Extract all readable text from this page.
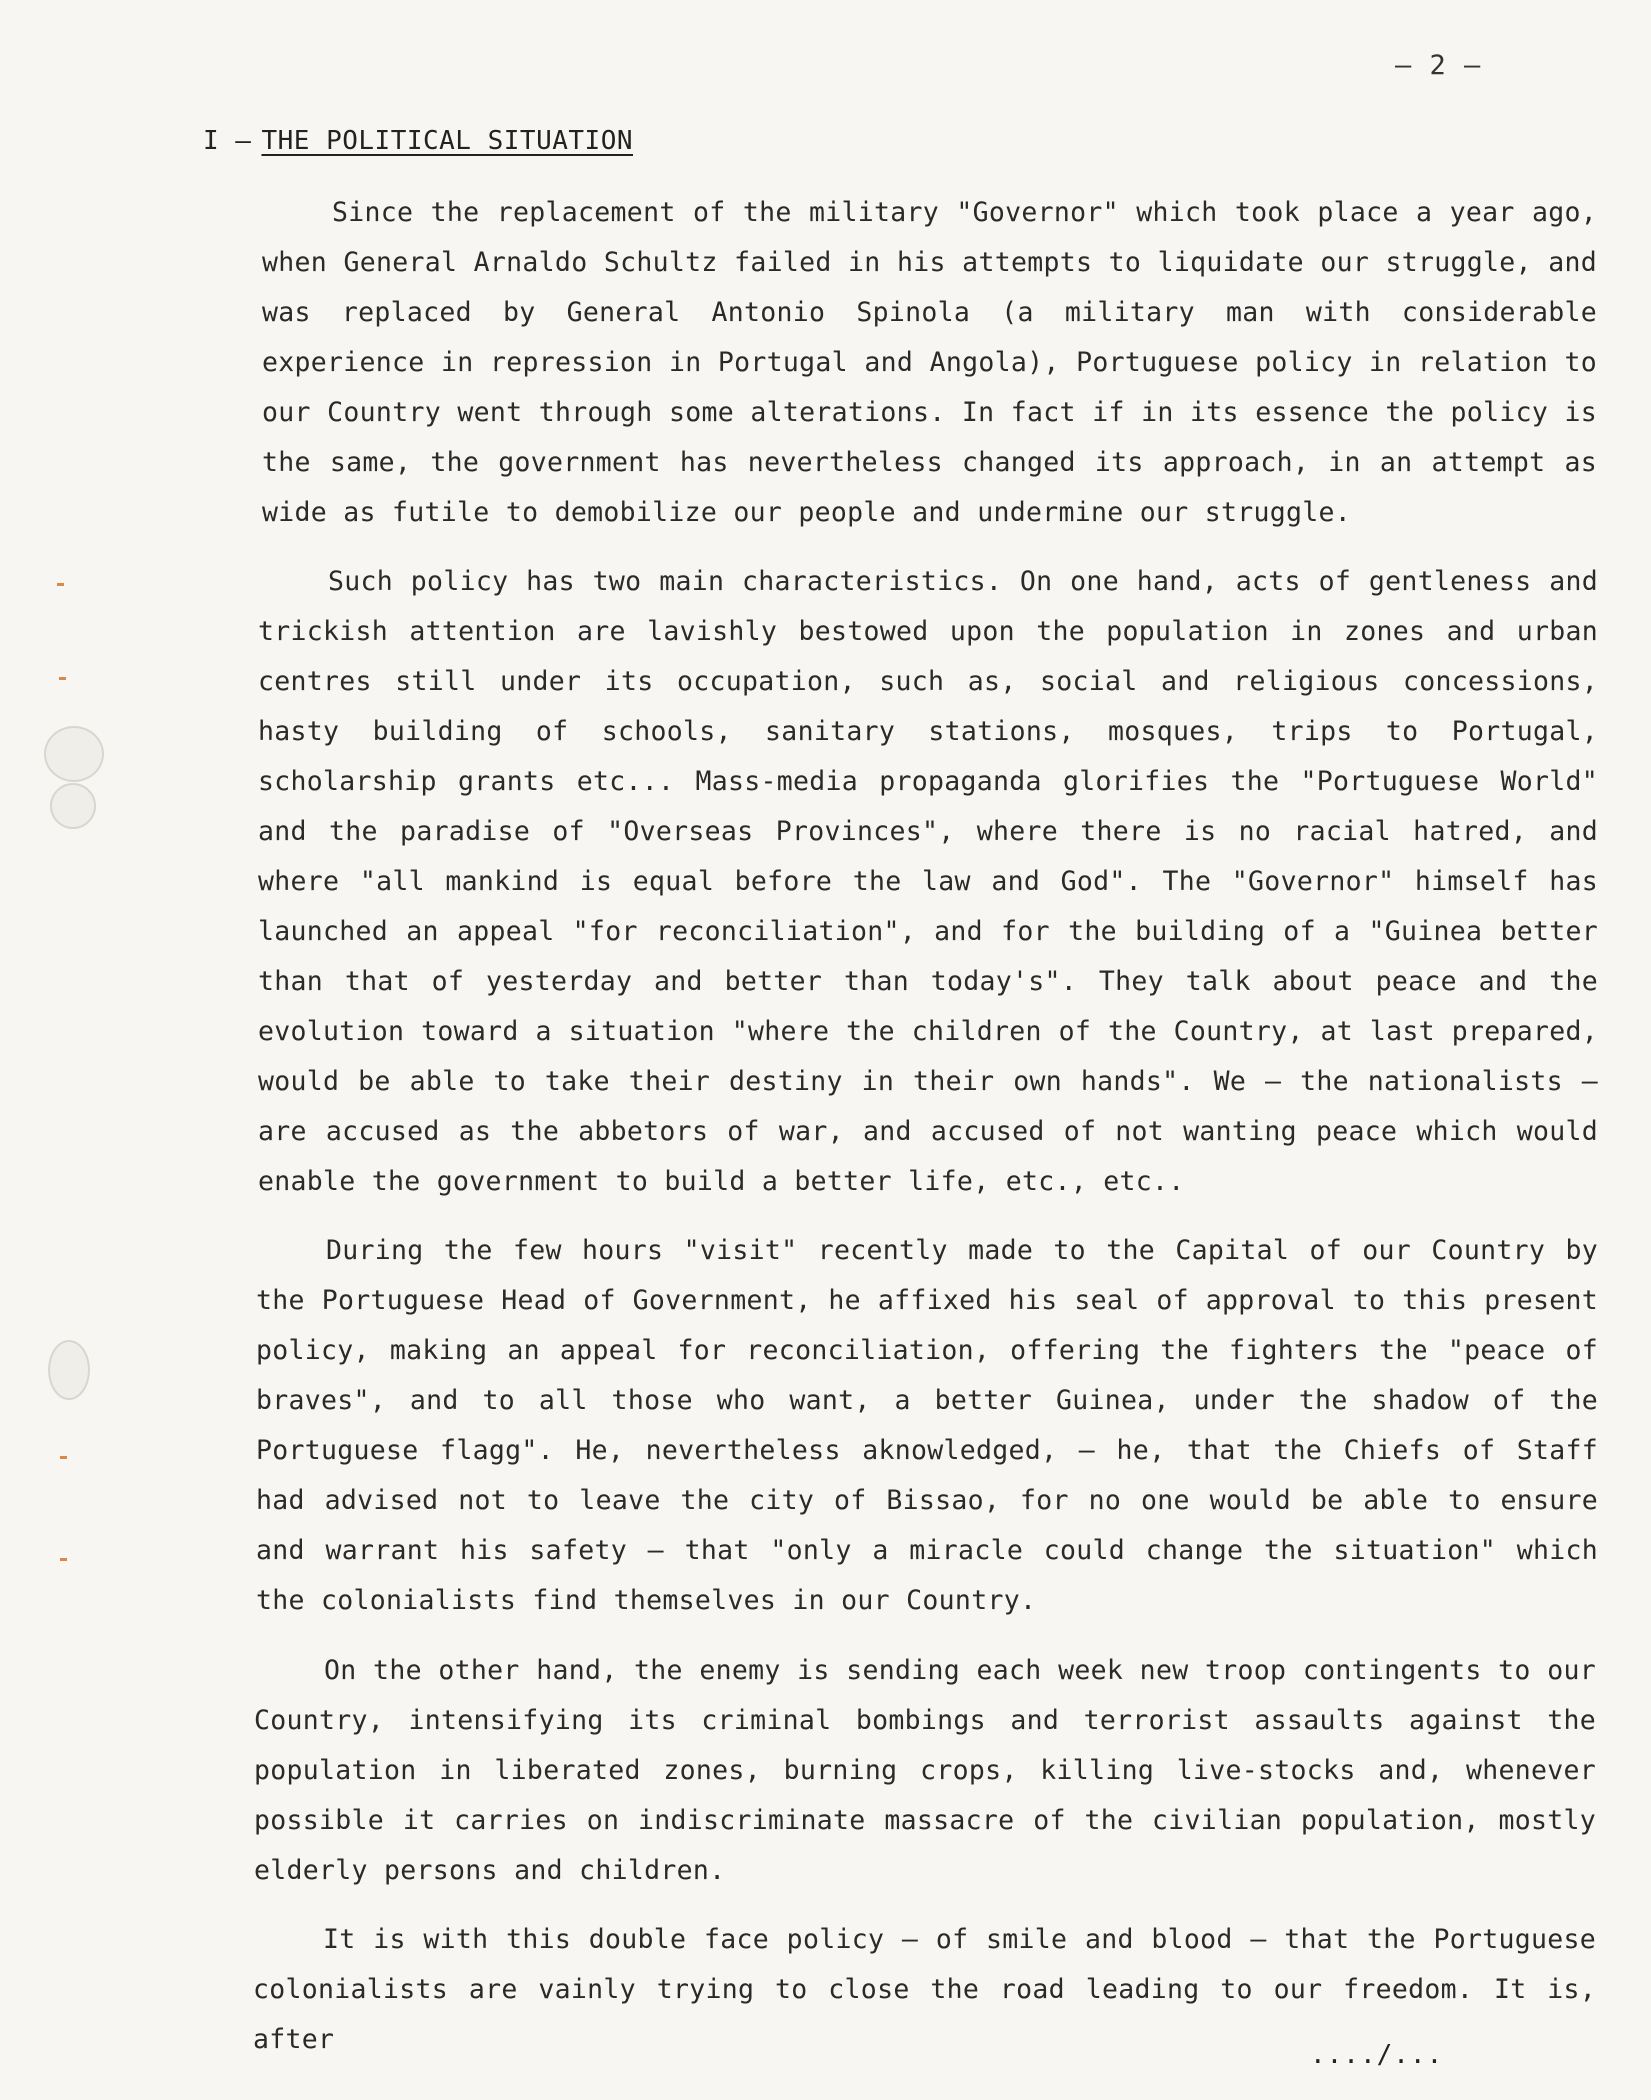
– 2 –
I – THE POLITICAL SITUATION

Since the replacement of the military "Governor" which took place a year ago, when General Arnaldo Schultz failed in his attempts to liquidate our struggle, and was replaced by General Antonio Spinola (a military man with considerable experience in repression in Portugal and Angola), Portuguese policy in relation to our Country went through some alterations. In fact if in its essence the policy is the same, the government has nevertheless changed its approach, in an attempt as wide as futile to demobilize our people and undermine our struggle.

Such policy has two main characteristics. On one hand, acts of gentleness and trickish attention are lavishly bestowed upon the population in zones and urban centres still under its occupation, such as, social and religious concessions, hasty building of schools, sanitary stations, mosques, trips to Portugal, scholarship grants etc... Mass-media propaganda glorifies the "Portuguese World" and the paradise of "Overseas Provinces", where there is no racial hatred, and where "all mankind is equal before the law and God". The "Governor" himself has launched an appeal "for reconciliation", and for the building of a "Guinea better than that of yesterday and better than today's". They talk about peace and the evolution toward a situation "where the children of the Country, at last prepared, would be able to take their destiny in their own hands". We – the nationalists – are accused as the abbetors of war, and accused of not wanting peace which would enable the government to build a better life, etc., etc..

During the few hours "visit" recently made to the Capital of our Country by the Portuguese Head of Government, he affixed his seal of approval to this present policy, making an appeal for reconciliation, offering the fighters the "peace of braves", and to all those who want, a better Guinea, under the shadow of the Portuguese flagg". He, nevertheless aknowledged, – he, that the Chiefs of Staff had advised not to leave the city of Bissao, for no one would be able to ensure and warrant his safety – that "only a miracle could change the situation" which the colonialists find themselves in our Country.

On the other hand, the enemy is sending each week new troop contingents to our Country, intensifying its criminal bombings and terrorist assaults against the population in liberated zones, burning crops, killing live-stocks and, whenever possible it carries on indiscriminate massacre of the civilian population, mostly elderly persons and children.

It is with this double face policy – of smile and blood – that the Portuguese colonialists are vainly trying to close the road leading to our freedom. It is, after	..../...
